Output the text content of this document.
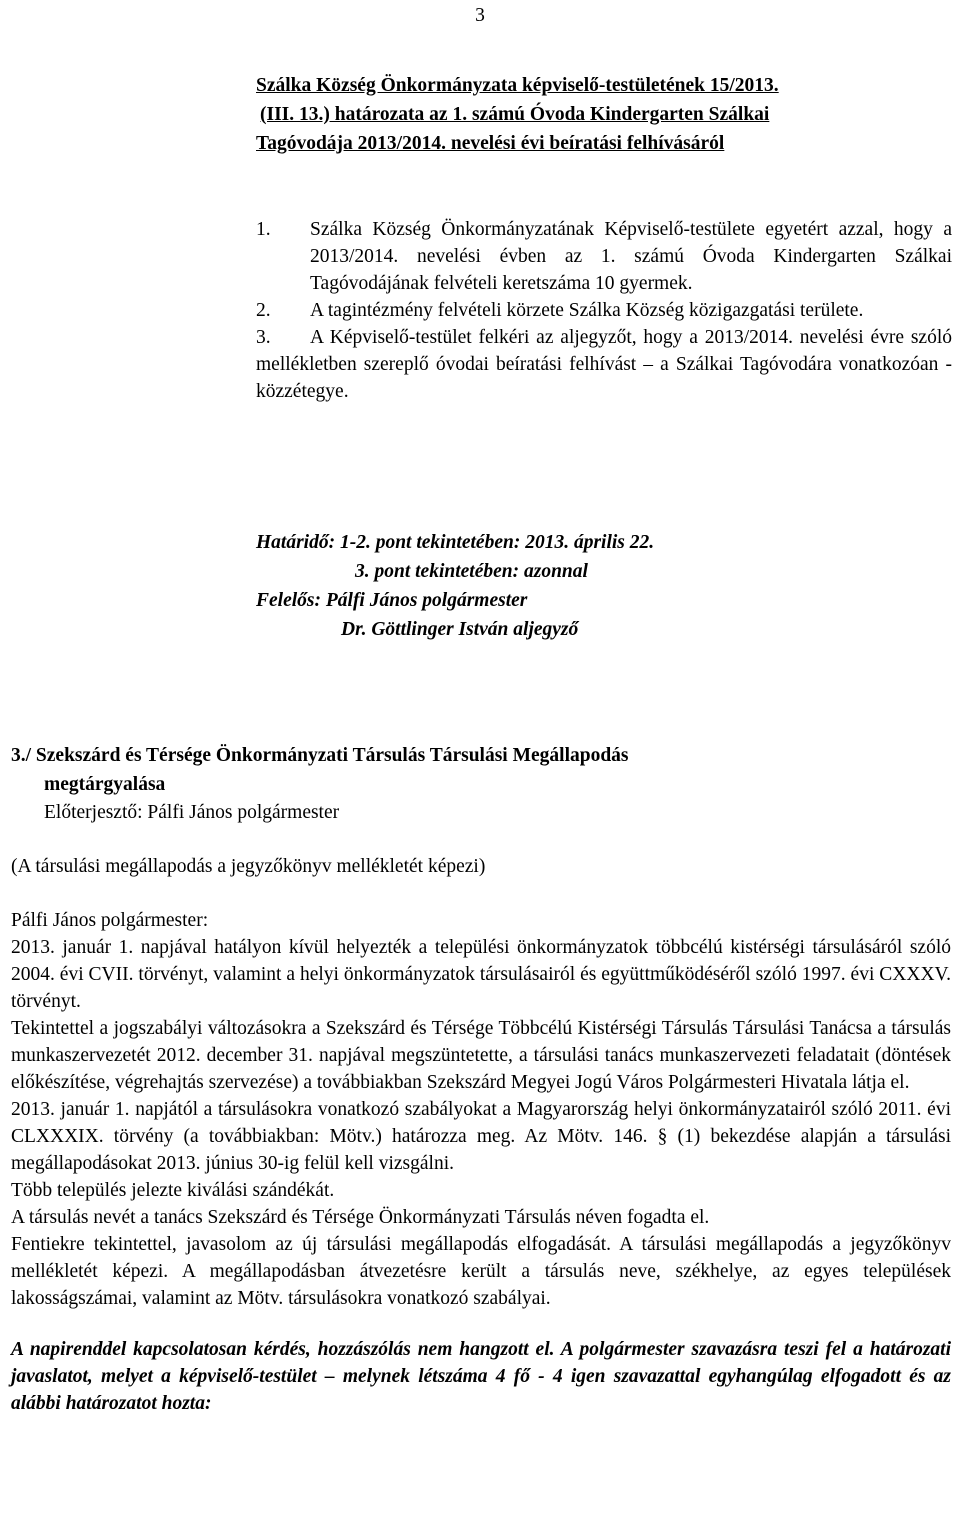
3
Szálka Község Önkormányzata képviselő-testületének 15/2013.
(III. 13.) határozata az 1. számú Óvoda Kindergarten Szálkai
Tagóvodája 2013/2014. nevelési évi beíratási felhívásáról
1.	Szálka Község Önkormányzatának Képviselő-testülete egyetért azzal, hogy a 2013/2014. nevelési évben az 1. számú Óvoda Kindergarten Szálkai Tagóvodájának felvételi keretszáma 10 gyermek.
2.	A tagintézmény felvételi körzete Szálka Község közigazgatási területe.
3.	A Képviselő-testület felkéri az aljegyzőt, hogy a 2013/2014. nevelési évre szóló mellékletben szereplő óvodai beíratási felhívást – a Szálkai Tagóvodára vonatkozóan - közzétegye.
Határidő: 1-2. pont tekintetében: 2013. április 22.
3. pont tekintetében: azonnal
Felelős: Pálfi János polgármester
Dr. Göttlinger István aljegyző
3./ Szekszárd és Térsége Önkormányzati Társulás Társulási Megállapodás
megtárgyalása
Előterjesztő: Pálfi János polgármester
(A társulási megállapodás a jegyzőkönyv mellékletét képezi)
Pálfi János polgármester:
2013. január 1. napjával hatályon kívül helyezték a települési önkormányzatok többcélú kistérségi társulásáról szóló 2004. évi CVII. törvényt, valamint a helyi önkormányzatok társulásairól és együttműködéséről szóló 1997. évi CXXXV. törvényt.
Tekintettel a jogszabályi változásokra a Szekszárd és Térsége Többcélú Kistérségi Társulás Társulási Tanácsa a társulás munkaszervezetét 2012. december 31. napjával megszüntetette, a társulási tanács munkaszervezeti feladatait (döntések előkészítése, végrehajtás szervezése) a továbbiakban Szekszárd Megyei Jogú Város Polgármesteri Hivatala látja el.
2013. január 1. napjától a társulásokra vonatkozó szabályokat a Magyarország helyi önkormányzatairól szóló 2011. évi CLXXXIX. törvény (a továbbiakban: Mötv.) határozza meg. Az Mötv. 146. § (1) bekezdése alapján a társulási megállapodásokat 2013. június 30-ig felül kell vizsgálni.
Több település jelezte kiválási szándékát.
A társulás nevét a tanács Szekszárd és Térsége Önkormányzati Társulás néven fogadta el.
Fentiekre tekintettel, javasolom az új társulási megállapodás elfogadását. A társulási megállapodás a jegyzőkönyv mellékletét képezi. A megállapodásban átvezetésre került a társulás neve, székhelye, az egyes települések lakosságszámai, valamint az Mötv. társulásokra vonatkozó szabályai.
A napirenddel kapcsolatosan kérdés, hozzászólás nem hangzott el. A polgármester szavazásra teszi fel a határozati javaslatot, melyet a képviselő-testület – melynek létszáma 4 fő - 4 igen szavazattal egyhangúlag elfogadott és az alábbi határozatot hozta:
